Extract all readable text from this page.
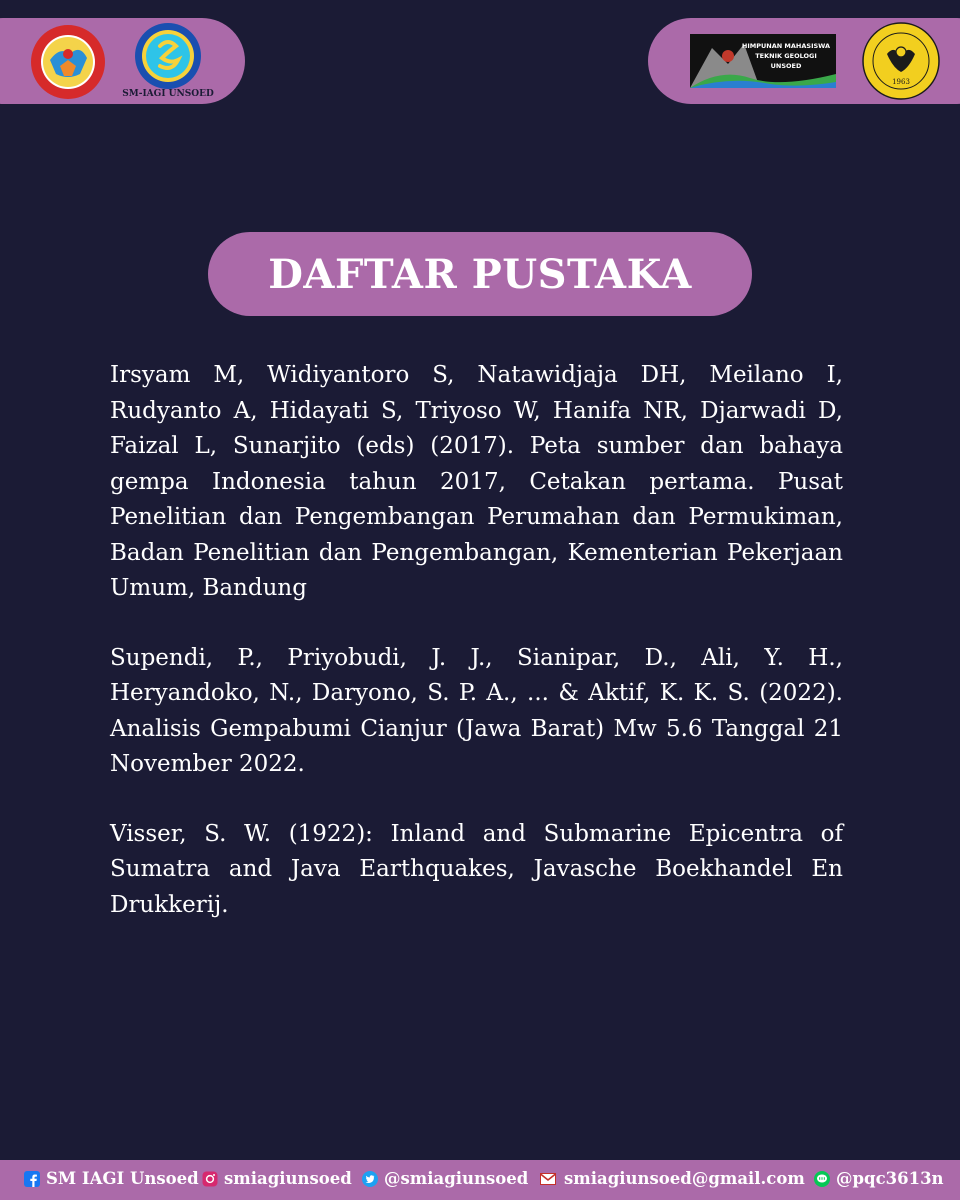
SM-IAGI UNSOED
HIMPUNAN MAHASISWA
TEKNIK GEOLOGI
UNSOED
1963
DAFTAR PUSTAKA

Irsyam M, Widiyantoro S, Natawidjaja DH, Meilano I, Rudyanto A, Hidayati S, Triyoso W, Hanifa NR, Djarwadi D, Faizal L, Sunarjito (eds) (2017). Peta sumber dan bahaya gempa Indonesia tahun 2017, Cetakan pertama. Pusat Penelitian dan Pengembangan Perumahan dan Permukiman, Badan Penelitian dan Pengembangan, Kementerian Pekerjaan Umum, Bandung

Supendi, P., Priyobudi, J. J., Sianipar, D., Ali, Y. H., Heryandoko, N., Daryono, S. P. A., ... & Aktif, K. K. S. (2022). Analisis Gempabumi Cianjur (Jawa Barat) Mw 5.6 Tanggal 21 November 2022.

Visser, S. W. (1922): Inland and Submarine Epicentra of Sumatra and Java Earthquakes, Javasche Boekhandel En Drukkerij.

SM IAGI Unsoed smiagiunsoed @smiagiunsoed smiagiunsoed@gmail.com @pqc3613n
